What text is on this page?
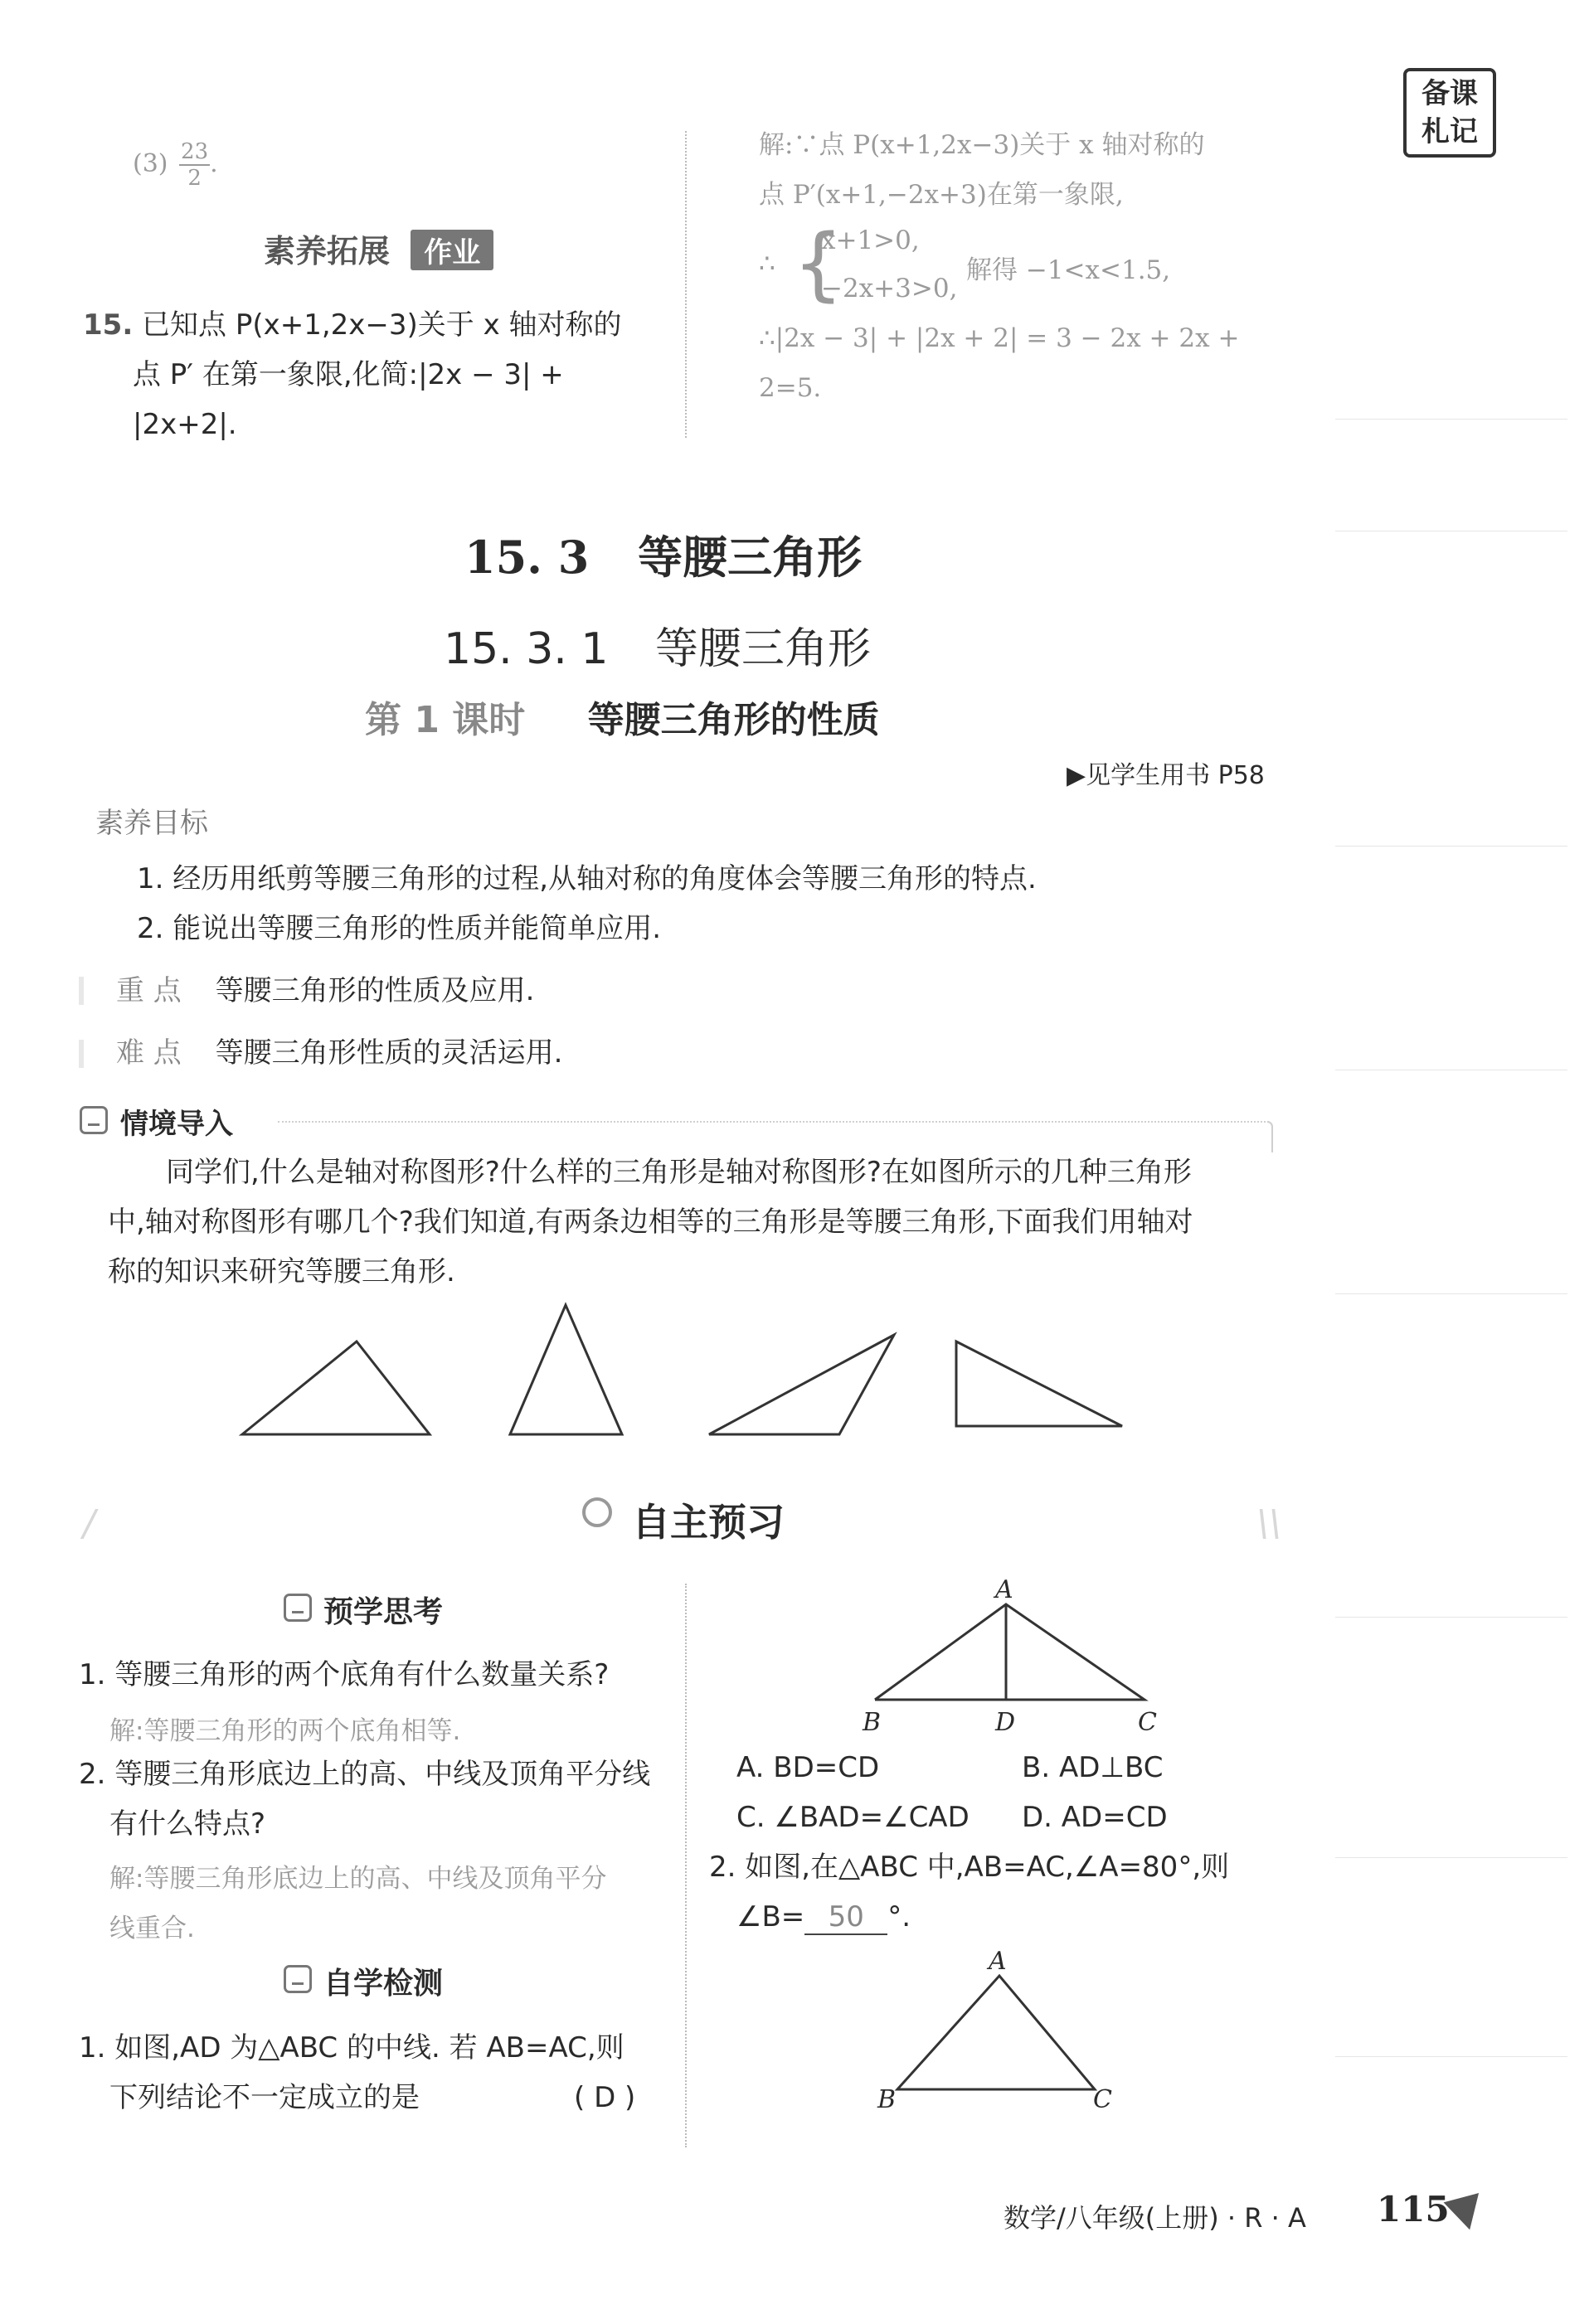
备课
札记
$(3) \frac{23}{2}$ .
素养拓展 作业
15. 已知点 P(x+1,2x−3)关于 x 轴对称的
点 P′ 在第一象限,化简:|2x − 3| +
|2x+2|.
解:∵点 P(x+1,2x−3)关于 x 轴对称的
点 P′(x+1,−2x+3)在第一象限,
∴ {
x+1>0,
−2x+3>0,
解得 −1<x<1.5,
∴|2x − 3| + |2x + 2| = 3 − 2x + 2x +
2=5.
15. 3 等腰三角形
15. 3. 1 等腰三角形
第 1 课时 等腰三角形的性质
▶见学生用书 P58
素养目标
1. 经历用纸剪等腰三角形的过程,从轴对称的角度体会等腰三角形的特点.
2. 能说出等腰三角形的性质并能简单应用.
重 点 等腰三角形的性质及应用.
难 点 等腰三角形性质的灵活运用.
情境导入
同学们,什么是轴对称图形?什么样的三角形是轴对称图形?在如图所示的几种三角形
中,轴对称图形有哪几个?我们知道,有两条边相等的三角形是等腰三角形,下面我们用轴对
称的知识来研究等腰三角形.
/	自主预习	\\
预学思考
1. 等腰三角形的两个底角有什么数量关系?
解:等腰三角形的两个底角相等.
2. 等腰三角形底边上的高、中线及顶角平分线
有什么特点?
解:等腰三角形底边上的高、中线及顶角平分
线重合.
自学检测
1. 如图,AD 为△ABC 的中线. 若 AB=AC,则
下列结论不一定成立的是	( D )
A
B	D	C
A. BD=CD	B. AD⊥BC
C. ∠BAD=∠CAD D. AD=CD
2. 如图,在△ABC 中,AB=AC,∠A=80°,则
∠B= 50 °.
A
B	C
数学/八年级(上册) · R · A 115
